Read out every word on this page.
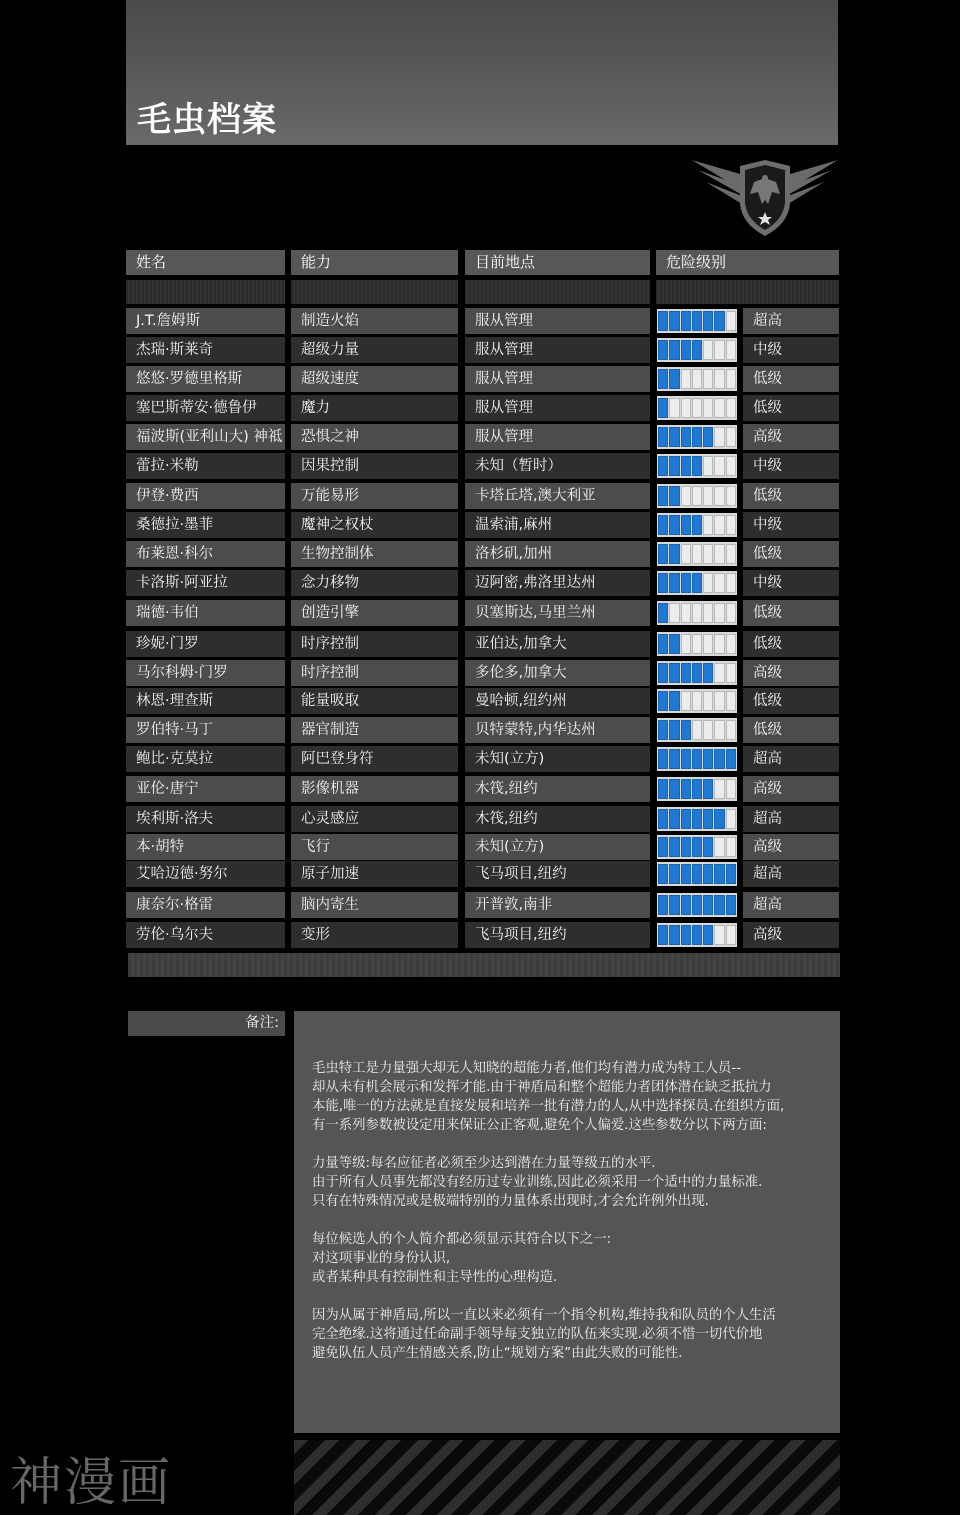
毛虫档案
姓名	能力	目前地点	危险级别
J.T.詹姆斯	制造火焰	服从管理	超高
杰瑞·斯莱奇	超级力量	服从管理	中级
悠悠·罗德里格斯	超级速度	服从管理	低级
塞巴斯蒂安·德鲁伊	魔力	服从管理	低级
福波斯(亚利山大) 神祗	恐惧之神	服从管理	高级
蕾拉·米勒	因果控制	未知（暂时）	中级
伊登·费西	万能易形	卡塔丘塔,澳大利亚	低级
桑德拉·墨菲	魔神之权杖	温索浦,麻州	中级
布莱恩·科尔	生物控制体	洛杉矶,加州	低级
卡洛斯·阿亚拉	念力移物	迈阿密,弗洛里达州	中级
瑞德·韦伯	创造引擎	贝塞斯达,马里兰州	低级
珍妮·门罗	时序控制	亚伯达,加拿大	低级
马尔科姆·门罗	时序控制	多伦多,加拿大	高级
林恩·理查斯	能量吸取	曼哈顿,纽约州	低级
罗伯特·马丁	器官制造	贝特蒙特,内华达州	低级
鲍比·克莫拉	阿巴登身符	未知(立方)	超高
亚伦·唐宁	影像机器	木筏,纽约	高级
埃利斯·洛夫	心灵感应	木筏,纽约	超高
本·胡特	飞行	未知(立方)	高级
艾哈迈德·努尔	原子加速	飞马项目,纽约	超高
康奈尔·格雷	脑内寄生	开普敦,南非	超高
劳伦·乌尔夫	变形	飞马项目,纽约	高级
备注:

毛虫特工是力量强大却无人知晓的超能力者,他们均有潜力成为特工人员--
却从未有机会展示和发挥才能.由于神盾局和整个超能力者团体潜在缺乏抵抗力
本能,唯一的方法就是直接发展和培养一批有潜力的人,从中选择探员.在组织方面,
有一系列参数被设定用来保证公正客观,避免个人偏爱.这些参数分以下两方面:

力量等级:每名应征者必须至少达到潜在力量等级五的水平.
由于所有人员事先都没有经历过专业训练,因此必须采用一个适中的力量标准.
只有在特殊情况或是极端特别的力量体系出现时,才会允许例外出现.

每位候选人的个人简介都必须显示其符合以下之一:
对这项事业的身份认识,
或者某种具有控制性和主导性的心理构造.

因为从属于神盾局,所以一直以来必须有一个指令机构,维持我和队员的个人生活
完全绝缘.这将通过任命副手领导每支独立的队伍来实现.必须不惜一切代价地
避免队伍人员产生情感关系,防止“规划方案”由此失败的可能性.

神漫画
